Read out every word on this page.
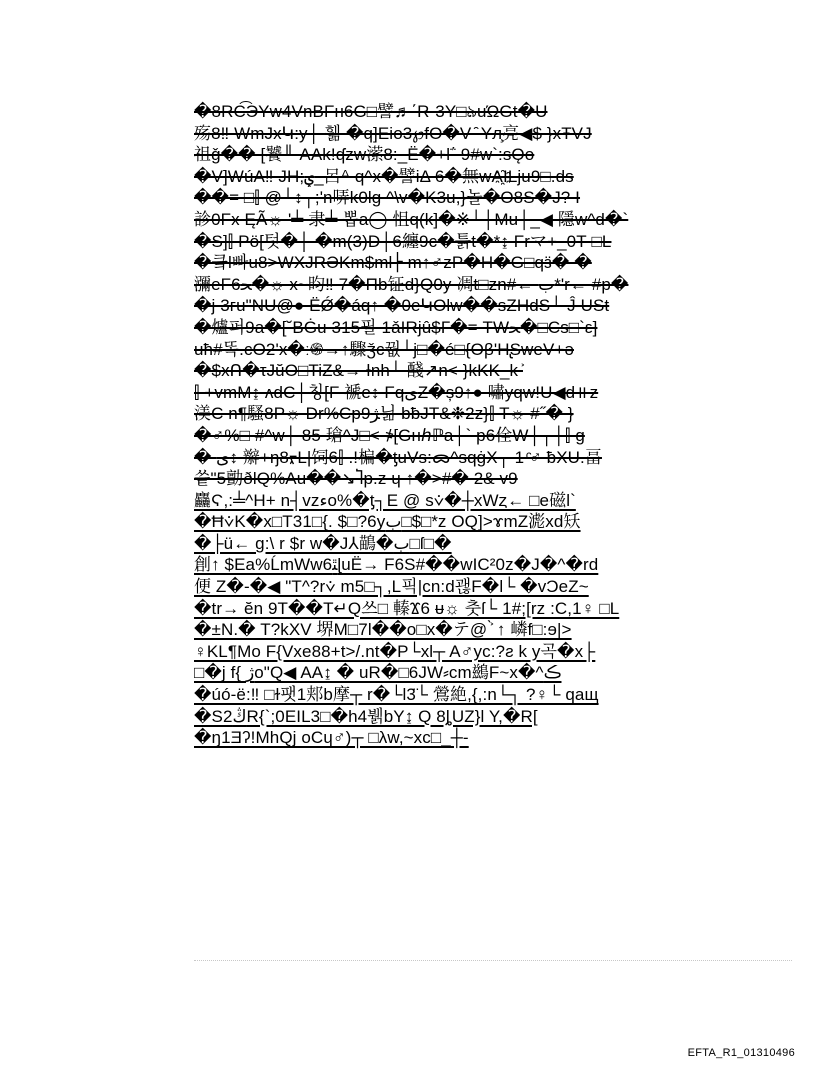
�8RC͡ЭYw4VnBFн6G□譬♬΄R-3Y□ঌuΏGt�U
殇8‼ WmJxԿ:y┤ 휆 �q]Eio3℘fO�V ̑ Yл̧亮◀$ }xŦVJ
祖ǧ�� [饕╜ AAk!ʠzw潆8:_Ё�+l΅ 9#w`:sǪo
�V]WúA‼ JH;ؠ_呂ᐞ q^x�譬iΔ 6�無wA҈ӀLju9□.ds
��= □⫿ @┘↕┐;ʹn哢k0lg ^\v�K3u,}놀�O8S�J? I
診0Fx ĘÃ☼ '╧ 隶╧ 뽑a◯ 怚q(k]�※└┤Mu┼_◀ 隱w^d�`
�S]⫿ Pö[텃�┼ �m(3)D┤6纏9c�툵t�*↨ Frマ+_0T-□L
�킄l빠u8>WXJRƏKm$ml┝ m↑♂zP�H�G□qӟ� �
瀰eF6ﺤ�☼ x~昀‼ 7�Πb钲d}Q0y 凋t□zn#← ب*'r← #p�
�j 3ғu"NU@● ЁǾ�áq↑ �0eԿOlw��sZHdS┘ Ĵ USt
�爐퍼9a�[˘BĠu 315필 1ǎIRjû$Г�= TWﺤ�□Cs□`ε]
uħ#똑.cO2'x�ː֍→↑驟ǯc꿦└j□�é□{Oβ'H̢SweV+ǝ
�$xᑎ�τJŭO□TiZ&→ Ɨnh└ 醆↗n< }kKK_k ͐
⫿ +vmM↨ ʌdC┤칭[F 褫e↕ FqیZ�ș9↑● 嘯yqw!U◀d⧺z
渼C n¶騷8P☼ Dr%Cp‍ژ9닒 bƀJT&❉2z}⫿ T☼ #˝� }
�♂%□ #^w┼ 85 瑲^J□< ҂[Gнℎℙa┤` p6佺W┼┬┤⫿ g
� ی↕ 辮+ŋ8ᡵL|饲6⫿ .!楄�ƫuVs:ᯅ^sqġX┬ 1 ͨ♂ ƀXU.畐
씉"5勯ðlQ%Au��↘Ⴈp.z ɥ ↑�>#� 2& v9
麤Ϛ,:╧^H+ n┤vzءo%�ƫ┐E @ s⩒�┼xWȥ← □e磁l`
�Ħ⩒K�x□T31□{. $□?6yب□$□*z OQ]>ɤmZ滮xd矨
�├ü← g:\ r $r w�J⅄鶓�ب□ſ□�
創↑ $Ea%ĹmWw6ﭥɭuË→ F6S#��wIC²0z�J�^�rd
便 Z�-�◀ "T^?r⩒ m5□┐,L픽|cn:d괞F�l└ �vϽeZ~
�tr→ ĕn 9T��T↵Q쓰□ 轃Ϫ6 ᵾ☼ 춧ſ└ 1#;[rz :C,1♀ □L
�±N.� T?kXV 堺M□7l��o□x�テ@ ͐̀ ↑ 嶙f□:ɘ|>
♀KL¶Mo F{Vxe88+t>/.nt�P└xl┬ A♂yc:?ƨ k y곡�x├
□�j f{ ژo"Q◀ AA↨ � uR�□6JW⸗cm鷀F~x�^ڪ
�úó-ë:‼ □ɫ팻1郏b摩┬ r�└l3̈└ 鶯絶,{,:n└┐ ?♀└ qaщ
�S2ڭR{`;0EIL3□�h4뷁bY↨ Q 8ȴUZ}l Y,�R[
�ŋ1Ǝʔ!MhQj oCɥ♂)┬ □λw,~xc□_┼-
EFTA_R1_01310496
